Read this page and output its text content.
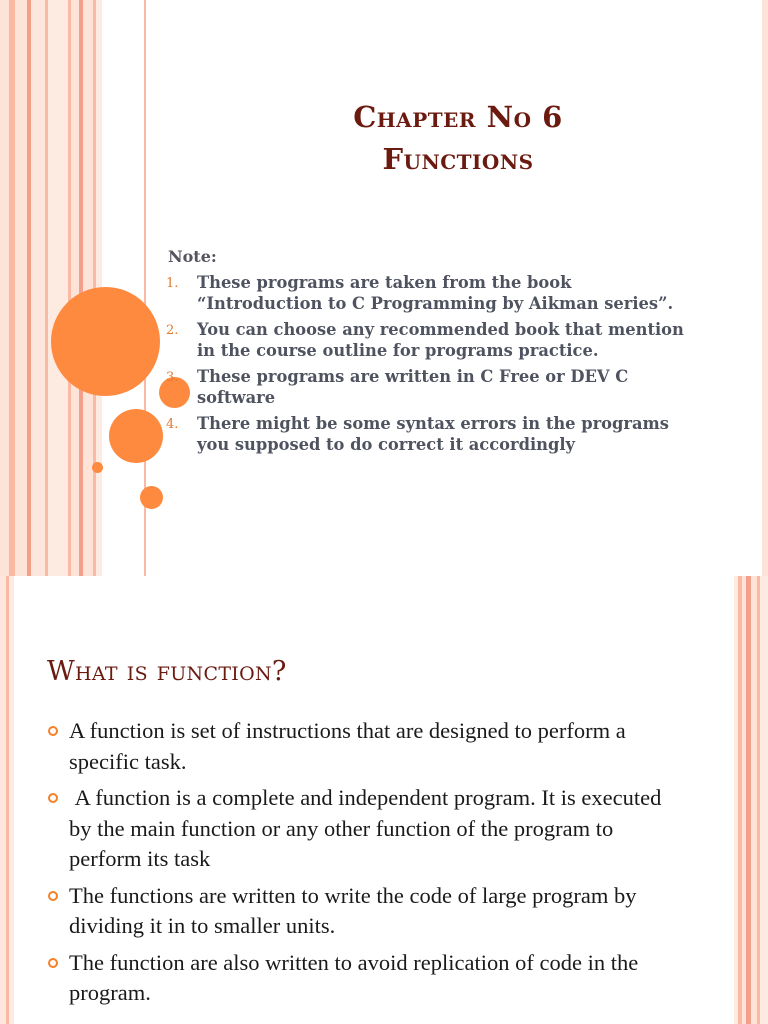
Chapter No 6
Functions
Note:
1. These programs are taken from the book “Introduction to C Programming by Aikman series”.
2. You can choose any recommended book that mention in the course outline for programs practice.
3. These programs are written in C Free or DEV C software
4. There might be some syntax errors in the programs you supposed to do correct it accordingly
What is function?
A function is set of instructions that are designed to perform a specific task.
A function is a complete and independent program. It is executed by the main function or any other function of the program to perform its task
The functions are written to write the code of large program by dividing it in to smaller units.
The function are also written to avoid replication of code in the program.
